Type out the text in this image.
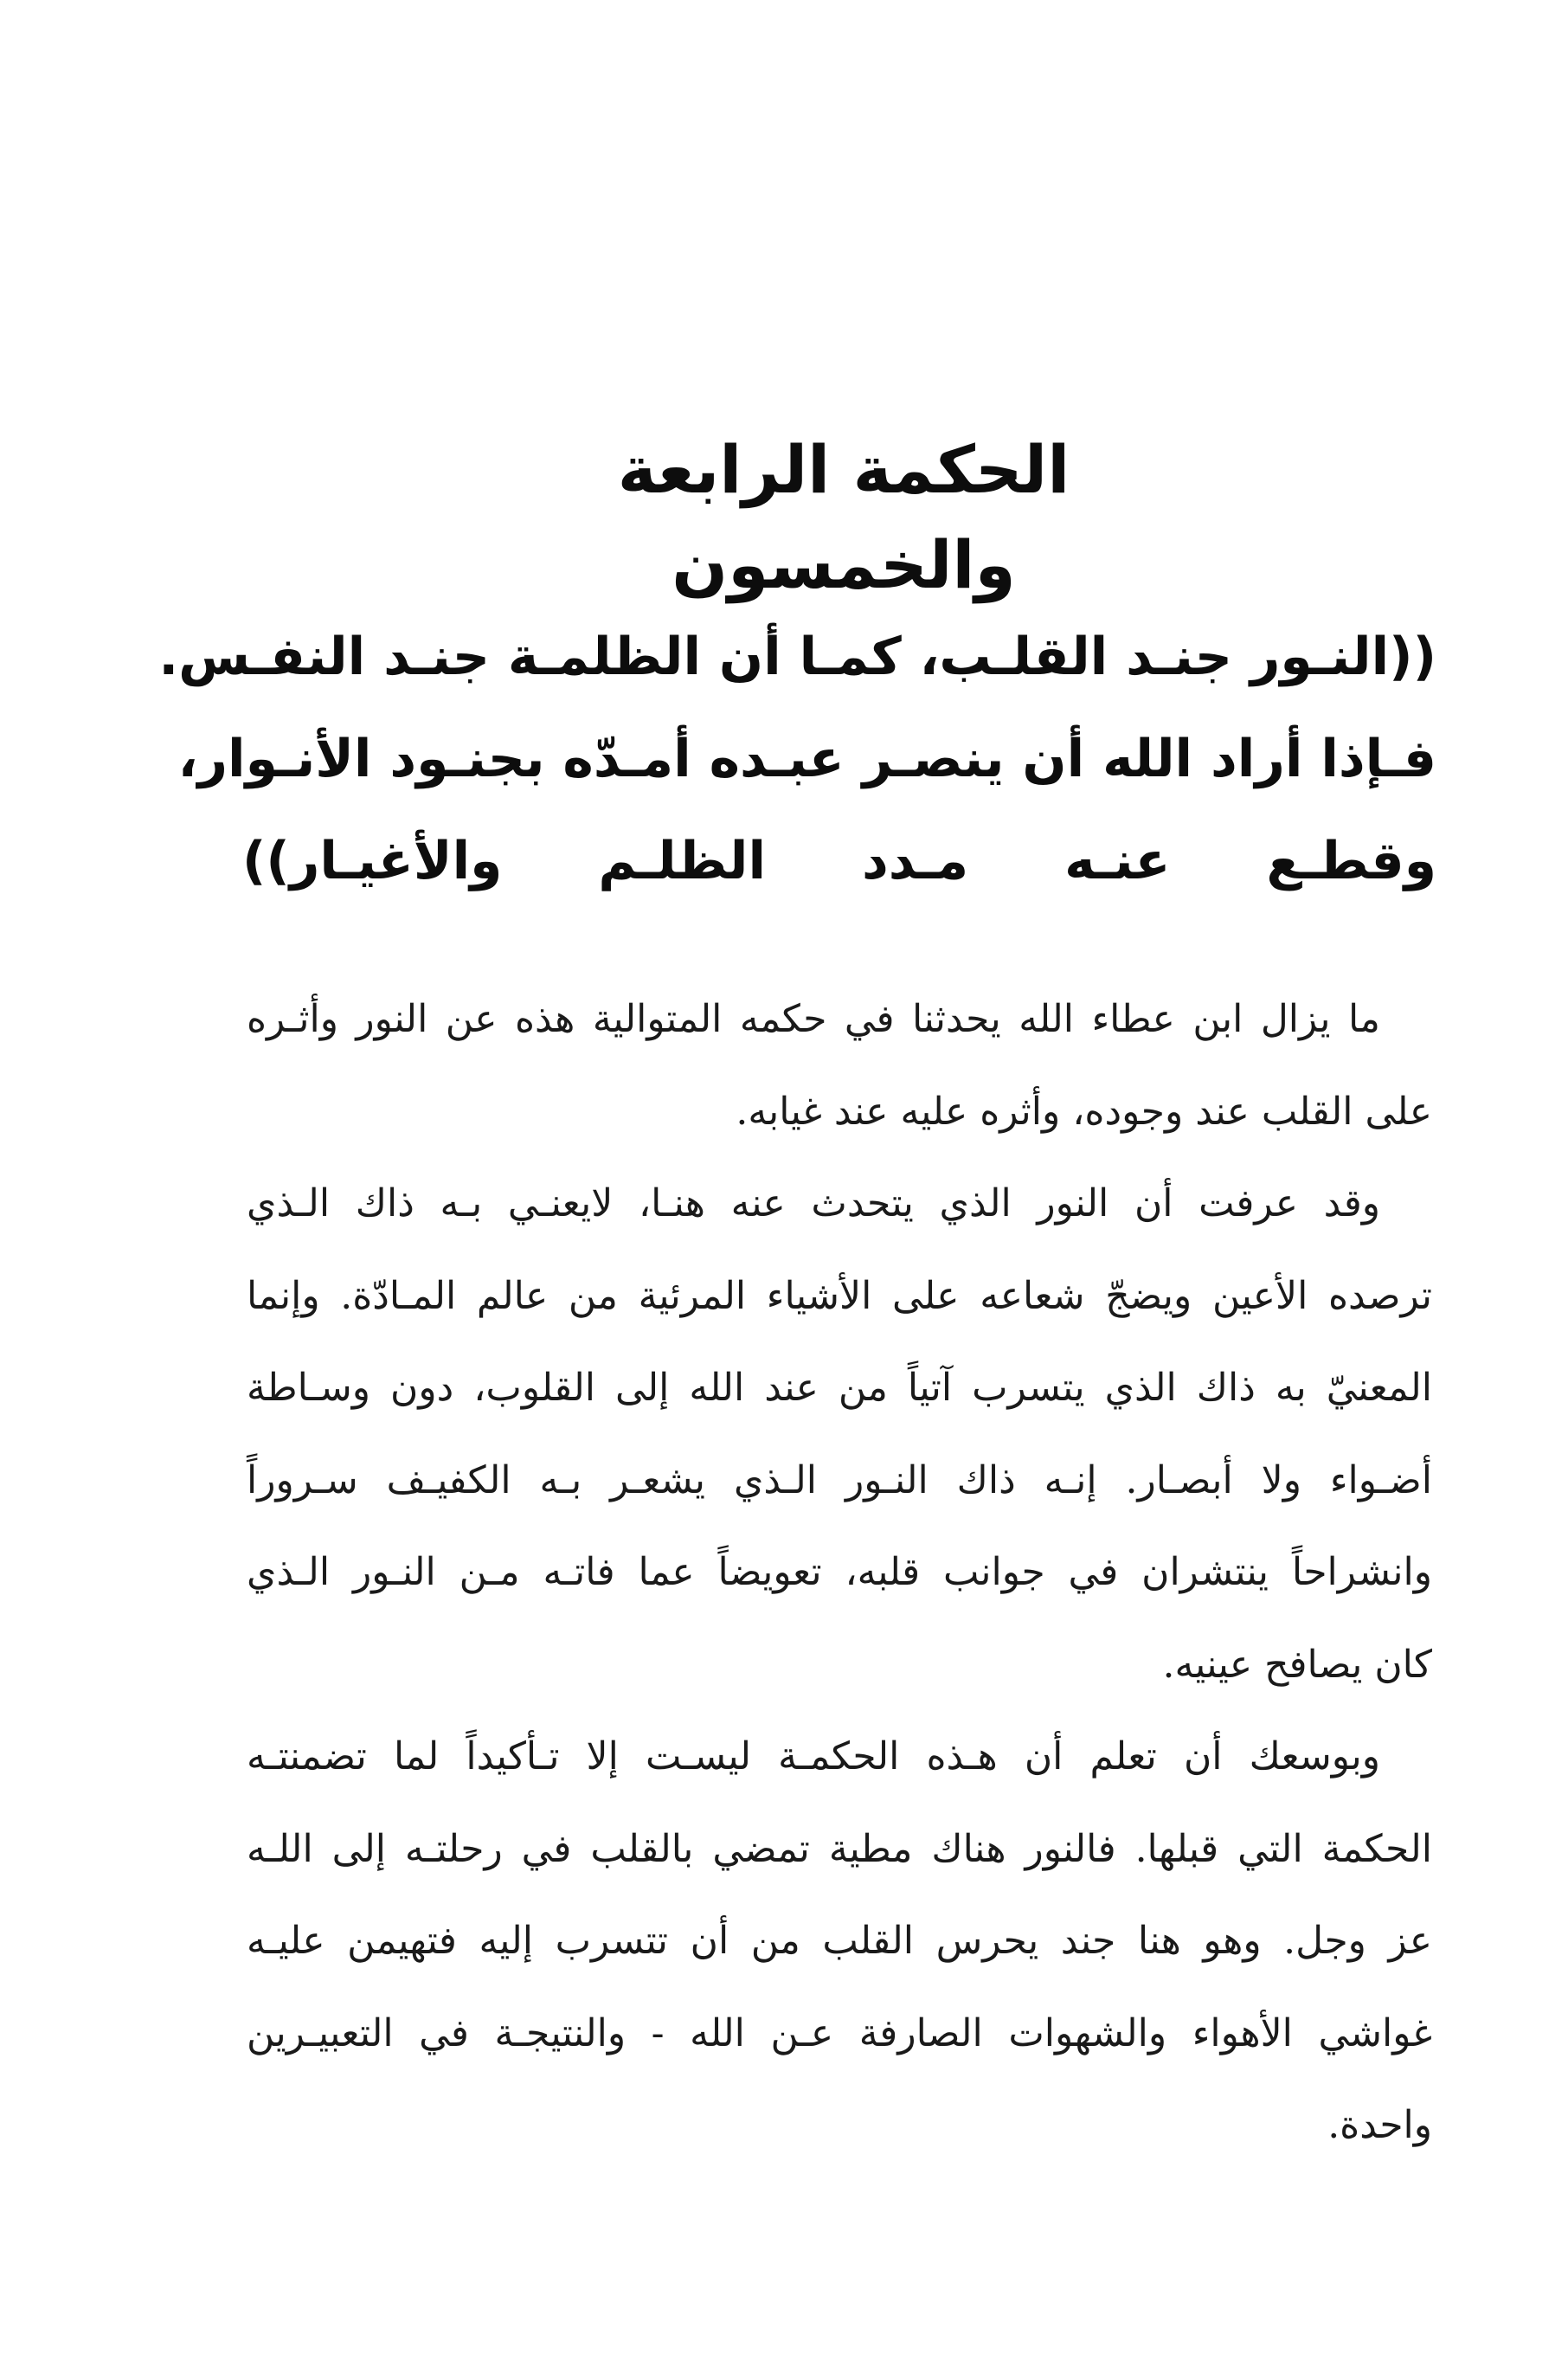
الحكمة الرابعة والخمسون
((النـور جنـد القلـب، كمـا أن الظلمـة جنـد النفـس.
فـإذا أراد الله أن ينصـر عبـده أمـدّه بجنـود الأنـوار،
وقطـع عنـه مـدد الظلـم والأغيـار))

ما يزال ابن عطاء الله يحدثنا في حكمه المتوالية هذه عن النور وأثـره
على القلب عند وجوده، وأثره عليه عند غيابه.

وقد عرفت أن النور الذي يتحدث عنه هنـا، لايعنـي بـه ذاك الـذي
ترصده الأعين ويضجّ شعاعه على الأشياء المرئية من عالم المـادّة. وإنما
المعنيّ به ذاك الذي يتسرب آتياً من عند الله إلى القلوب، دون وسـاطة
أضـواء ولا أبصـار. إنـه ذاك النـور الـذي يشعـر بـه الكفيـف سـروراً
وانشراحاً ينتشران في جوانب قلبه، تعويضاً عما فاتـه مـن النـور الـذي
كان يصافح عينيه.

وبوسعك أن تعلم أن هـذه الحكمـة ليسـت إلا تـأكيداً لما تضمنتـه
الحكمة التي قبلها. فالنور هناك مطية تمضي بالقلب في رحلتـه إلى اللـه
عز وجل. وهو هنا جند يحرس القلب من أن تتسرب إليه فتهيمن عليـه
غواشي الأهواء والشهوات الصارفة عـن الله - والنتيجـة في التعبيـرين
واحدة.
